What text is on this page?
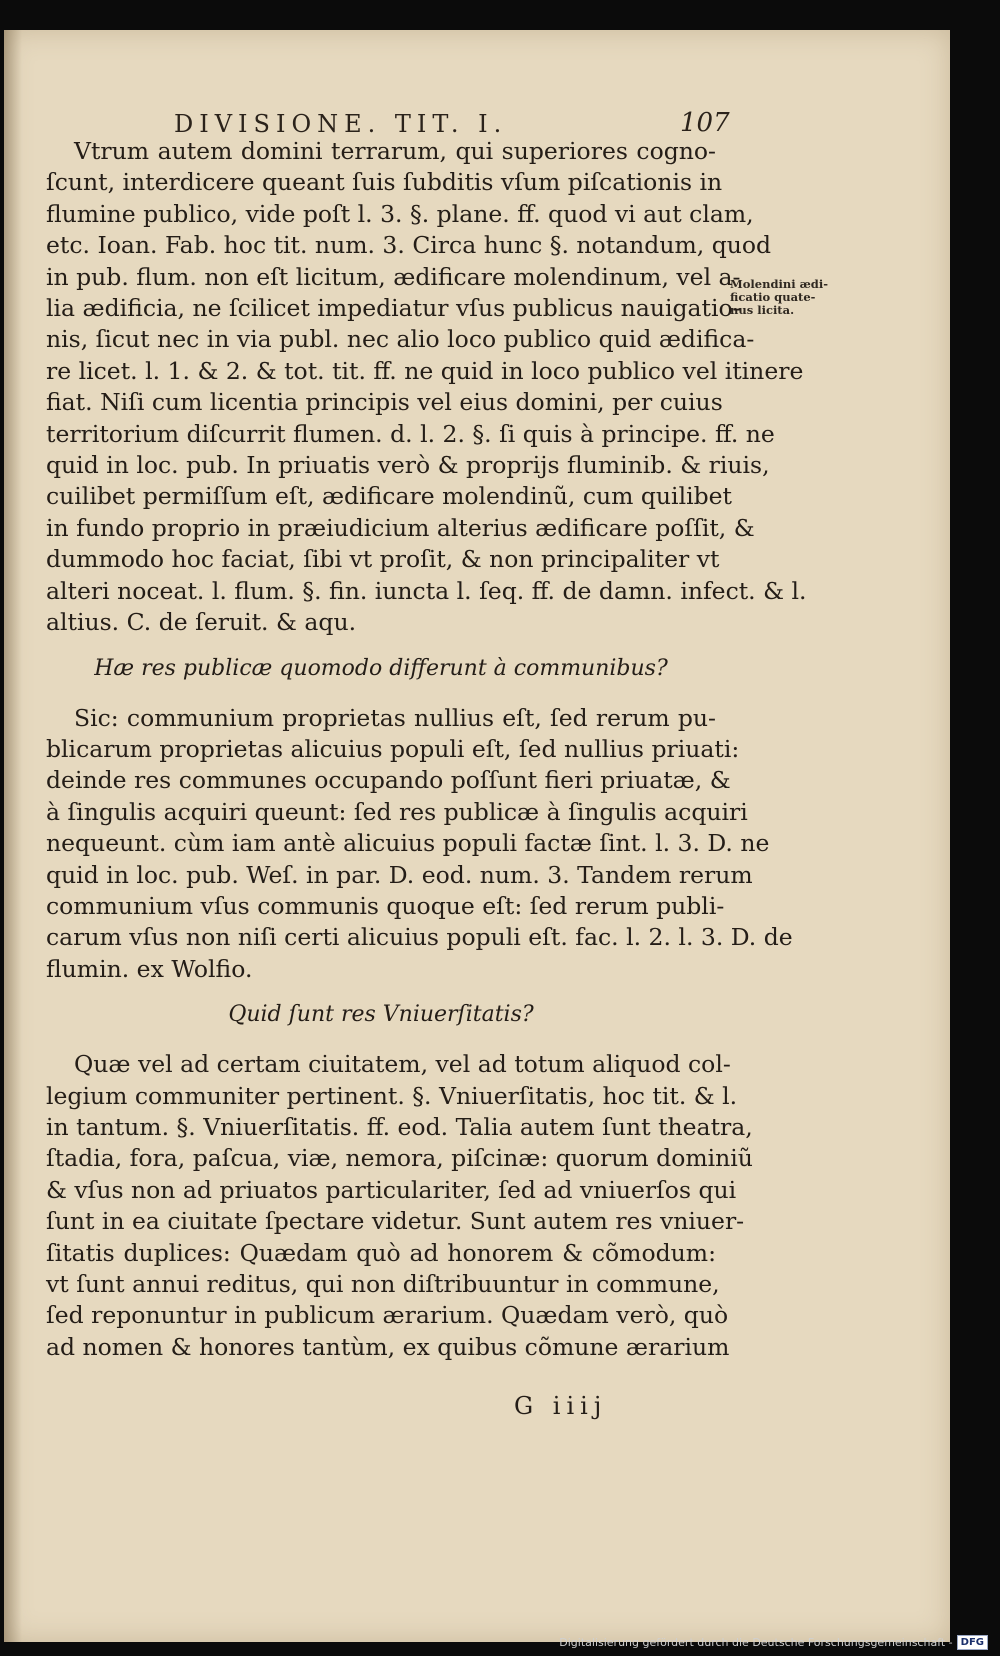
DIVISIONE. TIT. I.	107
Molendini ædi-
ficatio quate-
nus licita.
Vtrum autem domini terrarum, qui superiores cogno-
ſcunt, interdicere queant ſuis ſubditis vſum piſcationis in
flumine publico, vide poſt l. 3. §. plane. ff. quod vi aut clam,
etc. Ioan. Fab. hoc tit. num. 3. Circa hunc §. notandum, quod
in pub. flum. non eſt licitum, ædificare molendinum, vel a-
lia ædificia, ne ſcilicet impediatur vſus publicus nauigatio-
nis, ſicut nec in via publ. nec alio loco publico quid ædifica-
re licet. l. 1. & 2. & tot. tit. ff. ne quid in loco publico vel itinere
fiat. Niſi cum licentia principis vel eius domini, per cuius
territorium diſcurrit flumen. d. l. 2. §. ſi quis à principe. ff. ne
quid in loc. pub. In priuatis verò & proprijs fluminib. & riuis,
cuilibet permiſſum eſt, ædificare molendinũ, cum quilibet
in fundo proprio in præiudicium alterius ædificare poſſit, &
dummodo hoc faciat, ſibi vt proſit, & non principaliter vt
alteri noceat. l. flum. §. fin. iuncta l. ſeq. ff. de damn. infect. & l.
altius. C. de ſeruit. & aqu.
Hæ res publicæ quomodo differunt à communibus?
Sic: communium proprietas nullius eſt, ſed rerum pu-
blicarum proprietas alicuius populi eſt, ſed nullius priuati:
deinde res communes occupando poſſunt fieri priuatæ, &
à ſingulis acquiri queunt: ſed res publicæ à ſingulis acquiri
nequeunt. cùm iam antè alicuius populi factæ ſint. l. 3. D. ne
quid in loc. pub. Weſ. in par. D. eod. num. 3. Tandem rerum
communium vſus communis quoque eſt: ſed rerum publi-
carum vſus non niſi certi alicuius populi eſt. fac. l. 2. l. 3. D. de
flumin. ex Wolfio.
Quid ſunt res Vniuerſitatis?
Quæ vel ad certam ciuitatem, vel ad totum aliquod col-
legium communiter pertinent. §. Vniuerſitatis, hoc tit. & l.
in tantum. §. Vniuerſitatis. ff. eod. Talia autem ſunt theatra,
ſtadia, fora, paſcua, viæ, nemora, piſcinæ: quorum dominiũ
& vſus non ad priuatos particulariter, ſed ad vniuerſos qui
ſunt in ea ciuitate ſpectare videtur. Sunt autem res vniuer-
ſitatis duplices: Quædam quò ad honorem & cõmodum:
vt ſunt annui reditus, qui non diſtribuuntur in commune,
ſed reponuntur in publicum ærarium. Quædam verò, quò
ad nomen & honores tantùm, ex quibus cõmune ærarium
G iiij
Digitalisierung gefördert durch die Deutsche Forschungsgemeinschaft - DFG
